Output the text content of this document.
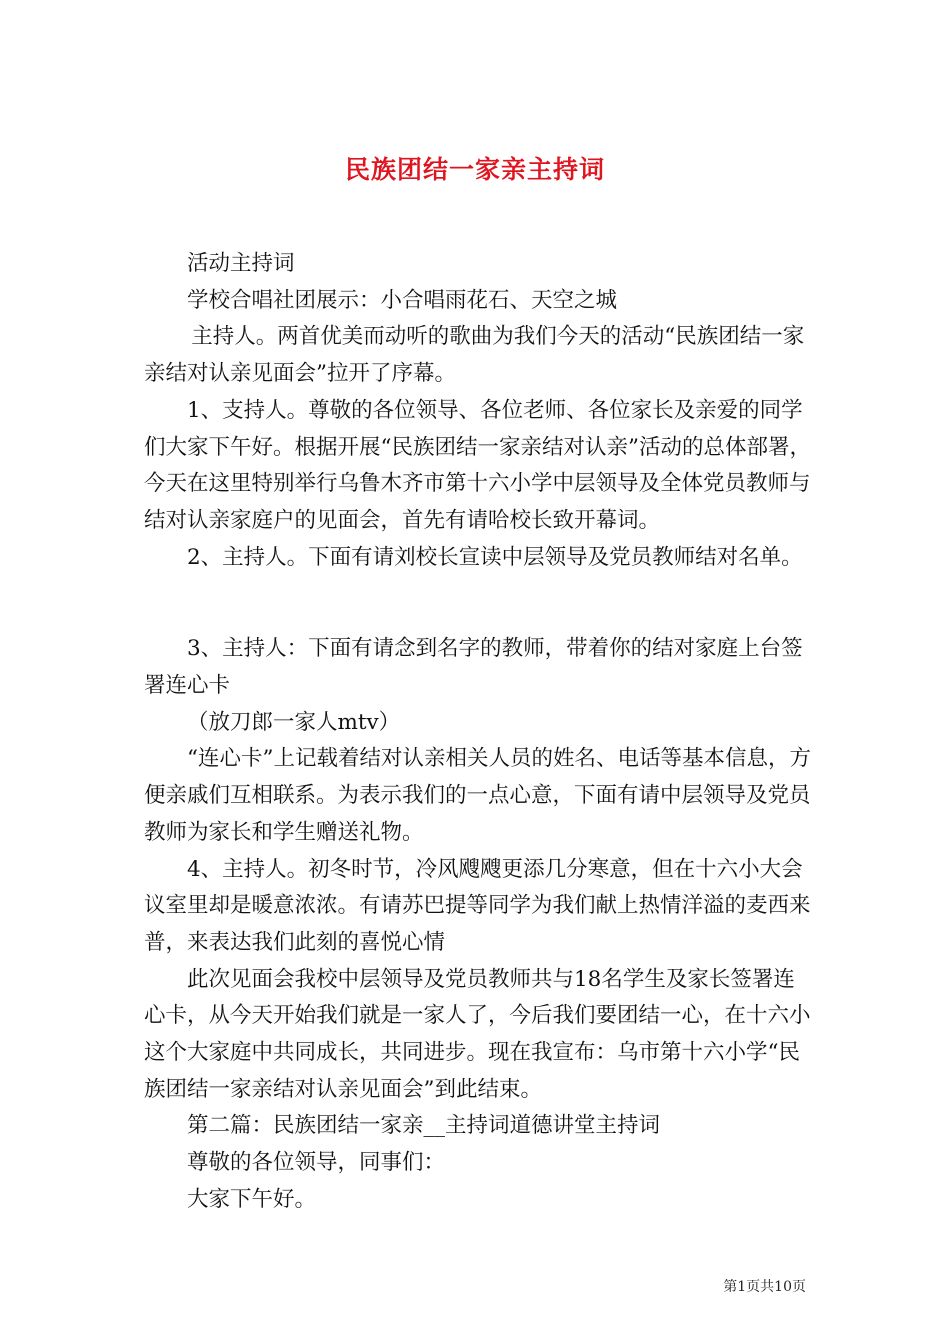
民族团结一家亲主持词

活动主持词

学校合唱社团展示：小合唱雨花石、天空之城

主持人。两首优美而动听的歌曲为我们今天的活动“民族团结一家亲结对认亲见面会”拉开了序幕。

1、支持人。尊敬的各位领导、各位老师、各位家长及亲爱的同学们大家下午好。根据开展“民族团结一家亲结对认亲”活动的总体部署，今天在这里特别举行乌鲁木齐市第十六小学中层领导及全体党员教师与结对认亲家庭户的见面会，首先有请哈校长致开幕词。

2、主持人。下面有请刘校长宣读中层领导及党员教师结对名单。

3、主持人：下面有请念到名字的教师，带着你的结对家庭上台签署连心卡

（放刀郎一家人mtv）

“连心卡”上记载着结对认亲相关人员的姓名、电话等基本信息，方便亲戚们互相联系。为表示我们的一点心意，下面有请中层领导及党员教师为家长和学生赠送礼物。

4、主持人。初冬时节，冷风飕飕更添几分寒意，但在十六小大会议室里却是暖意浓浓。有请苏巴提等同学为我们献上热情洋溢的麦西来普，来表达我们此刻的喜悦心情

此次见面会我校中层领导及党员教师共与18名学生及家长签署连心卡，从今天开始我们就是一家人了，今后我们要团结一心，在十六小这个大家庭中共同成长，共同进步。现在我宣布：乌市第十六小学“民族团结一家亲结对认亲见面会”到此结束。

第二篇：民族团结一家亲__主持词道德讲堂主持词

尊敬的各位领导，同事们：

大家下午好。

第1页共10页
